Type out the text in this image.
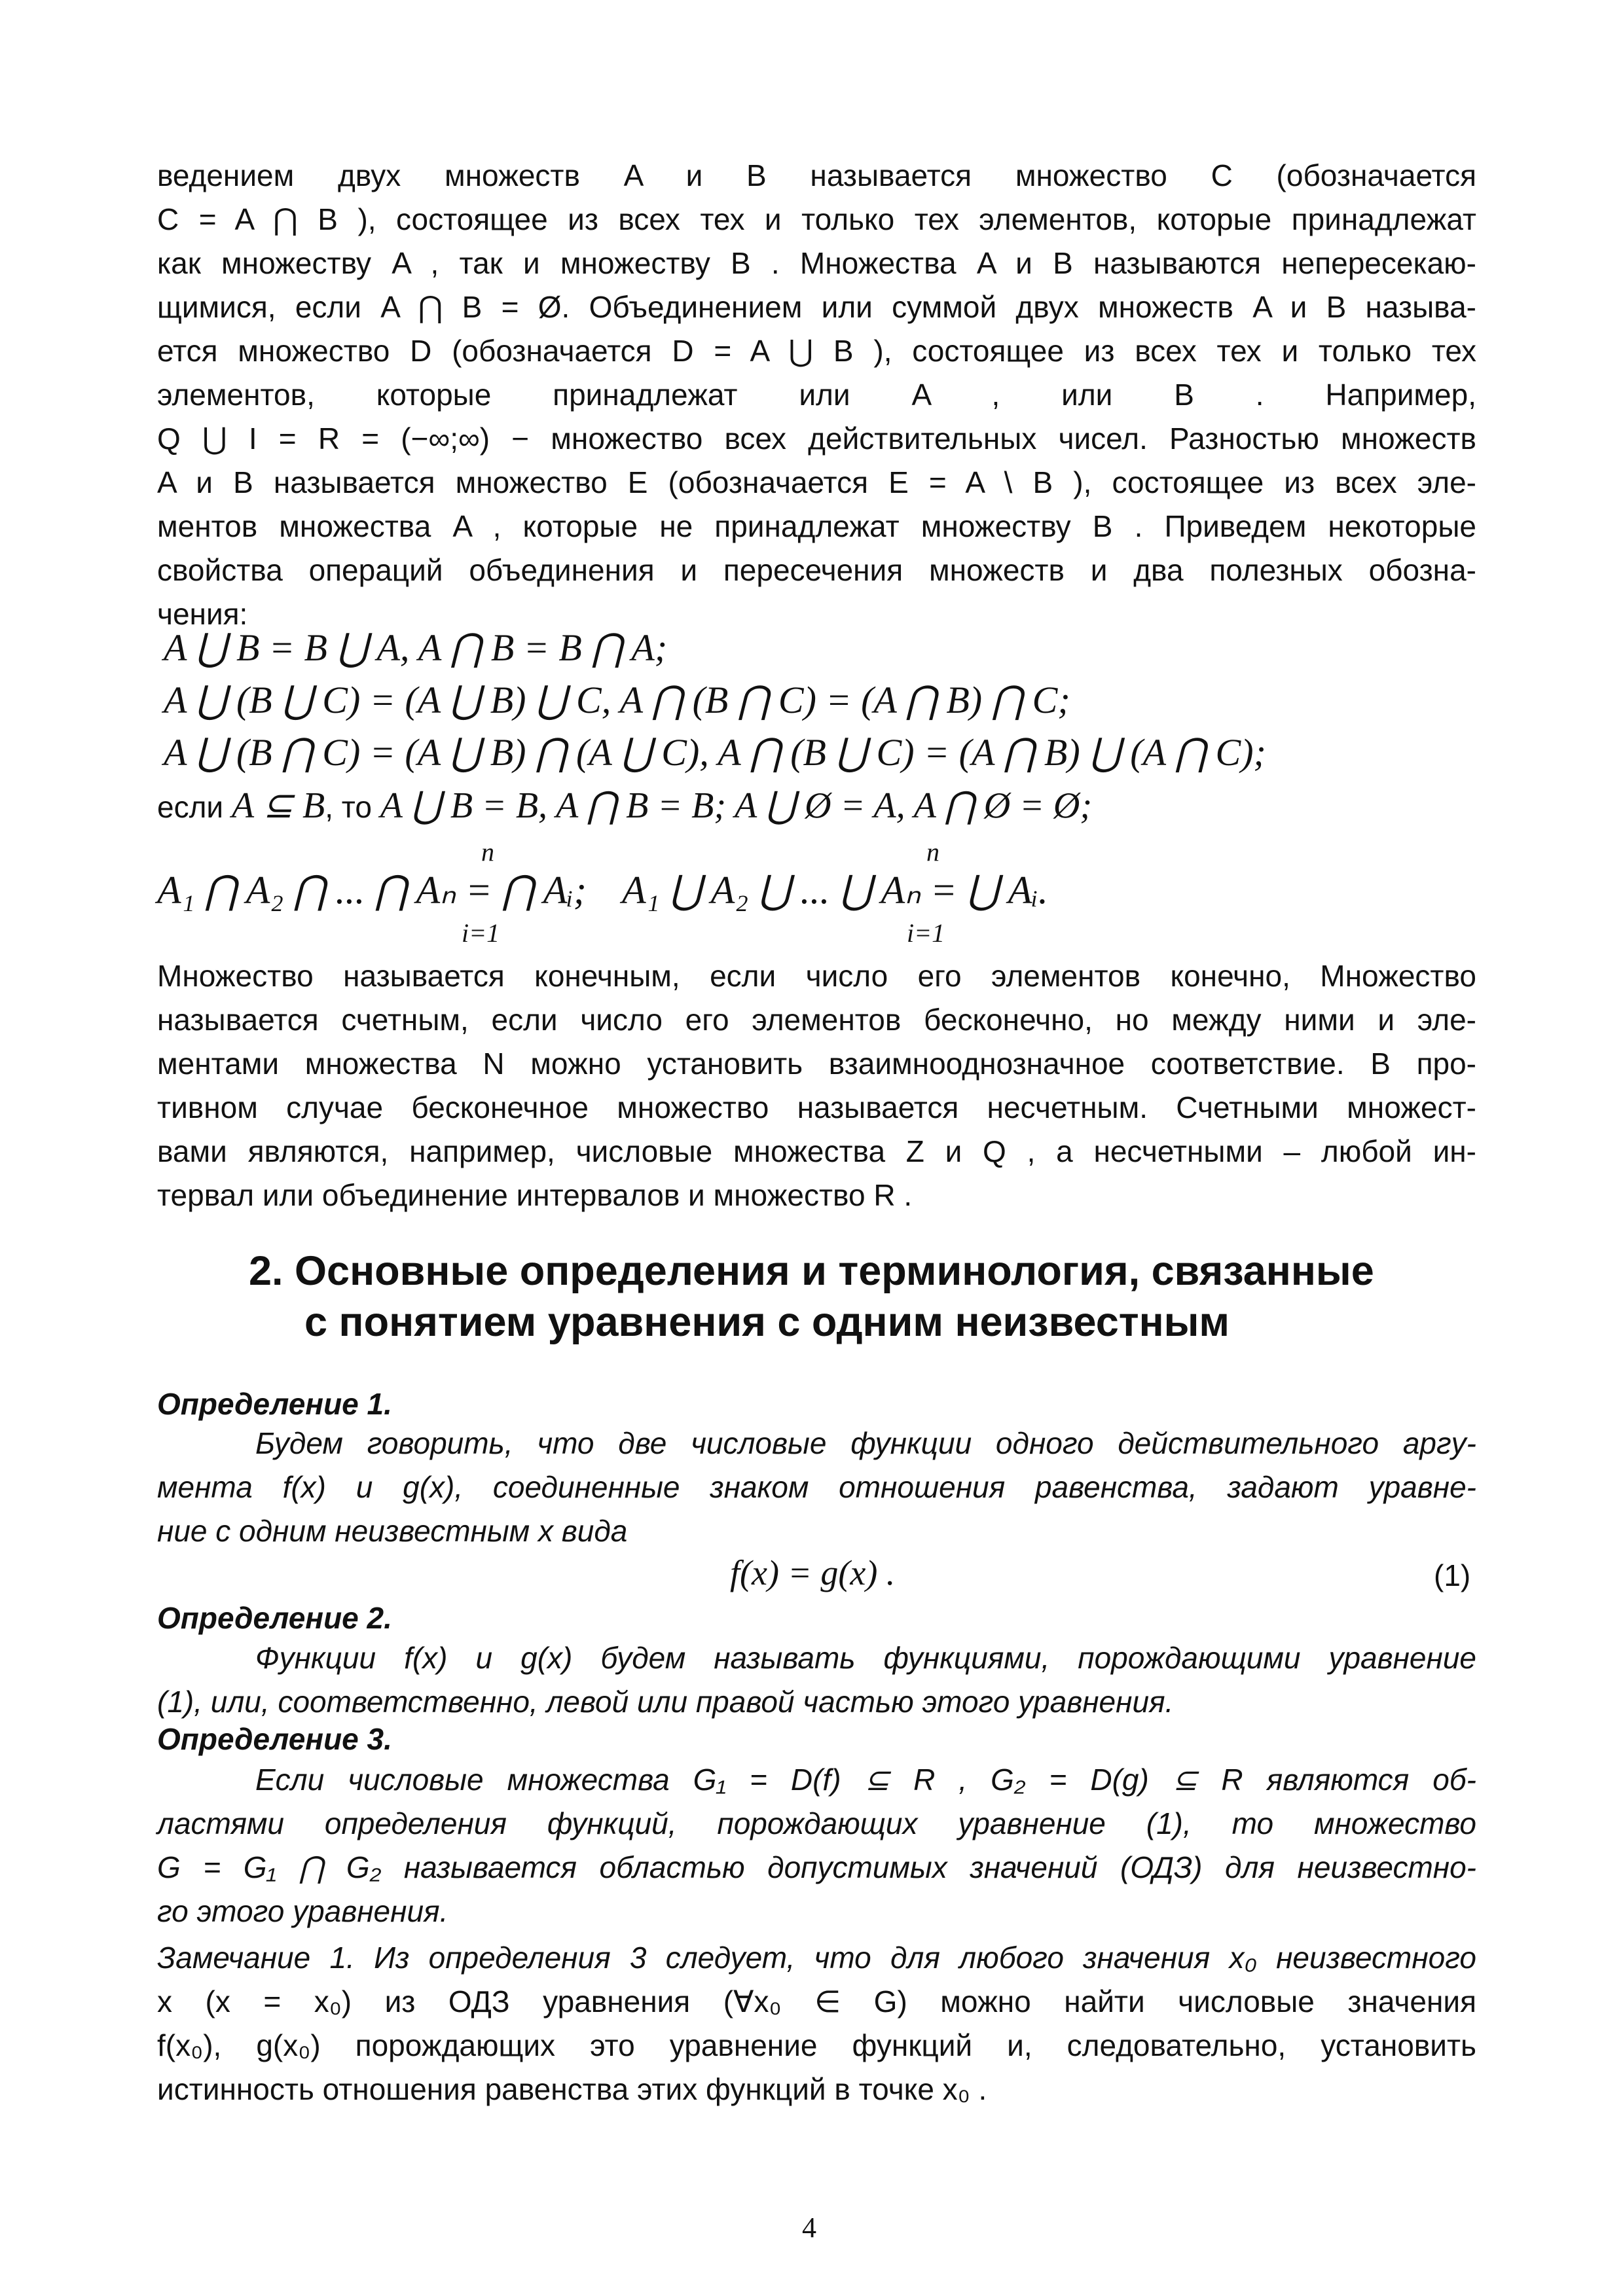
ведением двух множеств A и B называется множество C (обозначается
C = A ⋂ B ), состоящее из всех тех и только тех элементов, которые принадлежат
как множеству A , так и множеству B . Множества A и B называются непересекаю-
щимися, если A ⋂ B = Ø. Объединением или суммой двух множеств A и B называ-
ется множество D (обозначается D = A ⋃ B ), состоящее из всех тех и только тех
элементов, которые принадлежат или A , или B . Например,
Q ⋃ I = R = (−∞;∞) − множество всех действительных чисел. Разностью множеств
A и B называется множество E (обозначается E = A \ B ), состоящее из всех эле-
ментов множества A , которые не принадлежат множеству B . Приведем некоторые
свойства операций объединения и пересечения множеств и два полезных обозна-
чения:
A ⋃ B = B ⋃ A, A ⋂ B = B ⋂ A;
A ⋃ (B ⋃ C) = (A ⋃ B) ⋃ C, A ⋂ (B ⋂ C) = (A ⋂ B) ⋂ C;
A ⋃ (B ⋂ C) = (A ⋃ B) ⋂ (A ⋃ C), A ⋂ (B ⋃ C) = (A ⋂ B) ⋃ (A ⋂ C);
если A ⊆ B, то A ⋃ B = B, A ⋂ B = B; A ⋃ Ø = A, A ⋂ Ø = Ø;
n
A₁ ⋂ A₂ ⋂ ... ⋂ Aₙ = ⋂ Aᵢ;
i=1
n
A₁ ⋃ A₂ ⋃ ... ⋃ Aₙ = ⋃ Aᵢ.
i=1
Множество называется конечным, если число его элементов конечно, Множество
называется счетным, если число его элементов бесконечно, но между ними и эле-
ментами множества N можно установить взаимнооднозначное соответствие. В про-
тивном случае бесконечное множество называется несчетным. Счетными множест-
вами являются, например, числовые множества Z и Q , а несчетными – любой ин-
тервал или объединение интервалов и множество R .
2. Основные определения и терминология, связанные
с понятием уравнения с одним неизвестным
Определение 1.
Будем говорить, что две числовые функции одного действительного аргу-
мента f(x) и g(x), соединенные знаком отношения равенства, задают уравне-
ние с одним неизвестным x вида
f(x) = g(x) .	(1)
Определение 2.
Функции f(x) и g(x) будем называть функциями, порождающими уравнение
(1), или, соответственно, левой или правой частью этого уравнения.
Определение 3.
Если числовые множества G₁ = D(f) ⊆ R , G₂ = D(g) ⊆ R являются об-
ластями определения функций, порождающих уравнение (1), то множество
G = G₁ ⋂ G₂ называется областью допустимых значений (ОДЗ) для неизвестно-
го этого уравнения.
Замечание 1. Из определения 3 следует, что для любого значения x₀ неизвестного
x (x = x₀) из ОДЗ уравнения (∀x₀ ∈ G) можно найти числовые значения
f(x₀), g(x₀) порождающих это уравнение функций и, следовательно, установить
истинность отношения равенства этих функций в точке x₀ .
4
